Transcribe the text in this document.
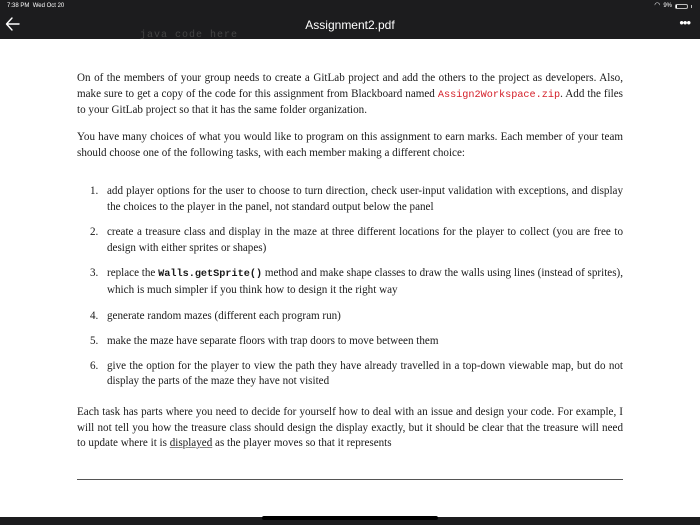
7:38 PM Wed Oct 20	◠ 9%
Assignment2.pdf	•••
java code here

On of the members of your group needs to create a GitLab project and add the others to the project as developers. Also, make sure to get a copy of the code for this assignment from Blackboard named Assign2Workspace.zip. Add the files to your GitLab project so that it has the same folder organization.

You have many choices of what you would like to program on this assignment to earn marks. Each member of your team should choose one of the following tasks, with each member making a different choice:

1. add player options for the user to choose to turn direction, check user-input validation with exceptions, and display the choices to the player in the panel, not standard output below the panel
2. create a treasure class and display in the maze at three different locations for the player to collect (you are free to design with either sprites or shapes)
3. replace the Walls.getSprite() method and make shape classes to draw the walls using lines (instead of sprites), which is much simpler if you think how to design it the right way
4. generate random mazes (different each program run)
5. make the maze have separate floors with trap doors to move between them
6. give the option for the player to view the path they have already travelled in a top-down viewable map, but do not display the parts of the maze they have not visited

Each task has parts where you need to decide for yourself how to deal with an issue and design your code. For example, I will not tell you how the treasure class should design the display exactly, but it should be clear that the treasure will need to update where it is displayed as the player moves so that it represents
